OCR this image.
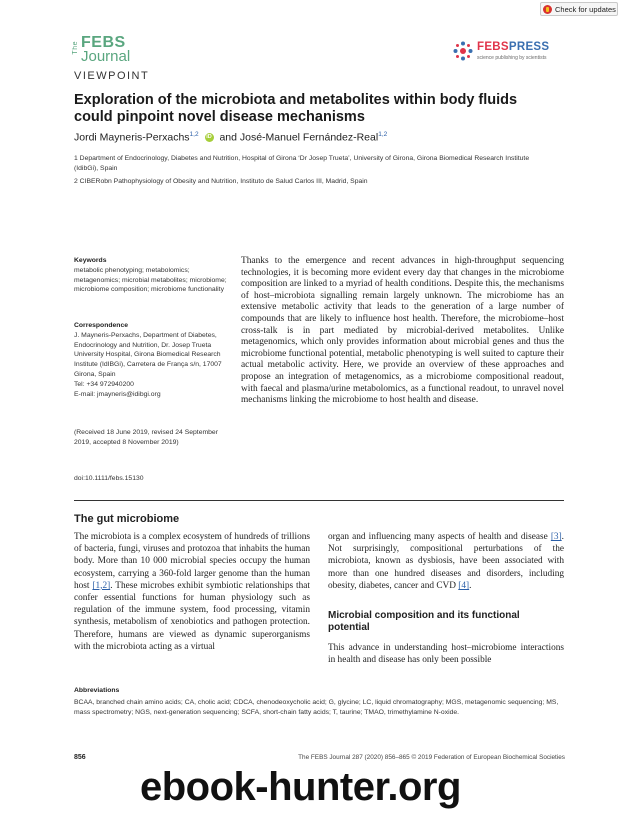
Check for updates
The FEBS
Journal
FEBSPRESS
science publishing by scientists
VIEWPOINT
Exploration of the microbiota and metabolites within body fluids could pinpoint novel disease mechanisms
Jordi Mayneris-Perxachs$^{1,2}$ iD and José-Manuel Fernández-Real$^{1,2}$
1 Department of Endocrinology, Diabetes and Nutrition, Hospital of Girona ‘Dr Josep Trueta’, University of Girona, Girona Biomedical Research Institute (IdibGi), Spain
2 CIBERobn Pathophysiology of Obesity and Nutrition, Instituto de Salud Carlos III, Madrid, Spain
Keywords
metabolic phenotyping; metabolomics; metagenomics; microbial metabolites; microbiome; microbiome composition; microbiome functionality
Correspondence
J. Mayneris-Perxachs, Department of Diabetes, Endocrinology and Nutrition, Dr. Josep Trueta University Hospital, Girona Biomedical Research Institute (IdIBGi), Carretera de França s/n, 17007 Girona, Spain
Tel: +34 972940200
E-mail: jmayneris@idibgi.org
(Received 18 June 2019, revised 24 September 2019, accepted 8 November 2019)
doi:10.1111/febs.15130
Thanks to the emergence and recent advances in high-throughput sequencing technologies, it is becoming more evident every day that changes in the microbiome composition are linked to a myriad of health conditions. Despite this, the mechanisms of host–microbiota signalling remain largely unknown. The microbiome has an extensive metabolic activity that leads to the generation of a large number of compounds that are likely to influence host health. Therefore, the microbiome–host cross-talk is in part mediated by microbial-derived metabolites. Unlike metagenomics, which only provides information about microbial genes and thus the microbiome functional potential, metabolic phenotyping is well suited to capture their actual metabolic activity. Here, we provide an overview of these approaches and propose an integration of metagenomics, as a microbiome compositional readout, with faecal and plasma/urine metabolomics, as a functional readout, to unravel novel mechanisms linking the microbiome to host health and disease.
The gut microbiome
The microbiota is a complex ecosystem of hundreds of trillions of bacteria, fungi, viruses and protozoa that inhabits the human body. More than 10 000 microbial species occupy the human ecosystem, carrying a 360-fold larger genome than the human host [1,2]. These microbes exhibit symbiotic relationships that confer essential functions for human physiology such as regulation of the immune system, food processing, vitamin synthesis, metabolism of xenobiotics and pathogen protection. Therefore, humans are viewed as dynamic superorganisms with the microbiota acting as a virtual
organ and influencing many aspects of health and disease [3]. Not surprisingly, compositional perturbations of the microbiota, known as dysbiosis, have been associated with more than one hundred diseases and disorders, including obesity, diabetes, cancer and CVD [4].
Microbial composition and its functional potential
This advance in understanding host–microbiome interactions in health and disease has only been possible
Abbreviations
BCAA, branched chain amino acids; CA, cholic acid; CDCA, chenodeoxycholic acid; G, glycine; LC, liquid chromatography; MGS, metagenomic sequencing; MS, mass spectrometry; NGS, next-generation sequencing; SCFA, short-chain fatty acids; T, taurine; TMAO, trimethylamine N-oxide.
856	The FEBS Journal 287 (2020) 856–865 © 2019 Federation of European Biochemical Societies
ebook-hunter.org
